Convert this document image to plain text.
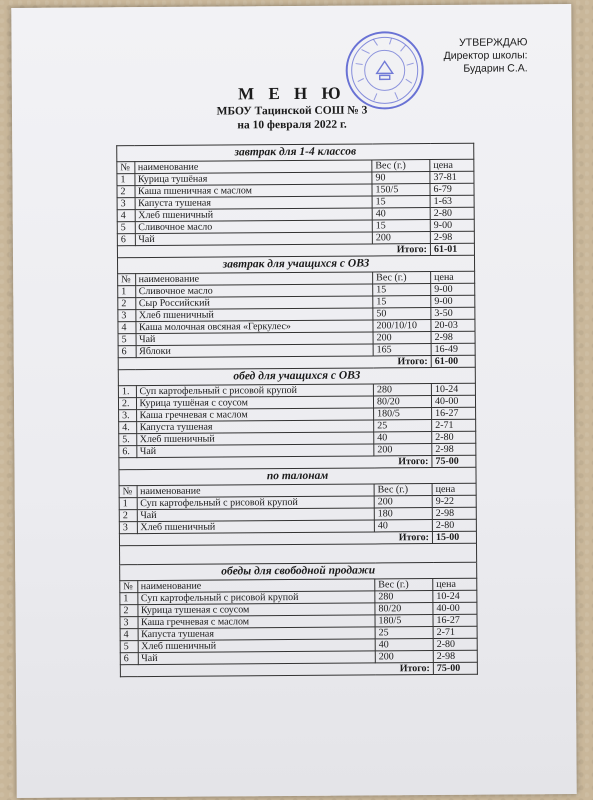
УТВЕРЖДАЮ
Директор школы:
Бударин С.А.
М Е Н Ю
МБОУ Тацинской СОШ № 3
на 10 февраля 2022 г.
завтрак для 1-4 классов			
№	наименование	Вес (г.)	цена
1	Курица тушёная	90	37-81
2	Каша пшеничная с маслом	150/5	6-79
3	Капуста тушеная	15	1-63
4	Хлеб пшеничный	40	2-80
5	Сливочное масло	15	9-00
6	Чай	200	2-98
Итого:			61-01
завтрак для учащихся с ОВЗ			
№	наименование	Вес (г.)	цена
1	Сливочное масло	15	9-00
2	Сыр Российский	15	9-00
3	Хлеб пшеничный	50	3-50
4	Каша молочная овсяная «Геркулес»	200/10/10	20-03
5	Чай	200	2-98
6	Яблоки	165	16-49
Итого:			61-00
обед для учащихся с ОВЗ			
1.	Суп картофельный с рисовой крупой	280	10-24
2.	Курица тушёная с соусом	80/20	40-00
3.	Каша гречневая с маслом	180/5	16-27
4.	Капуста тушеная	25	2-71
5.	Хлеб пшеничный	40	2-80
6.	Чай	200	2-98
Итого:			75-00
по талонам			
№	наименование	Вес (г.)	цена
1	Суп картофельный с рисовой крупой	200	9-22
2	Чай	180	2-98
3	Хлеб пшеничный	40	2-80
Итого:			15-00

обеды для свободной продажи			
№	наименование	Вес (г.)	цена
1	Суп картофельный с рисовой крупой	280	10-24
2	Курица тушеная с соусом	80/20	40-00
3	Каша гречневая с маслом	180/5	16-27
4	Капуста тушеная	25	2-71
5	Хлеб пшеничный	40	2-80
6	Чай	200	2-98
Итого:			75-00
